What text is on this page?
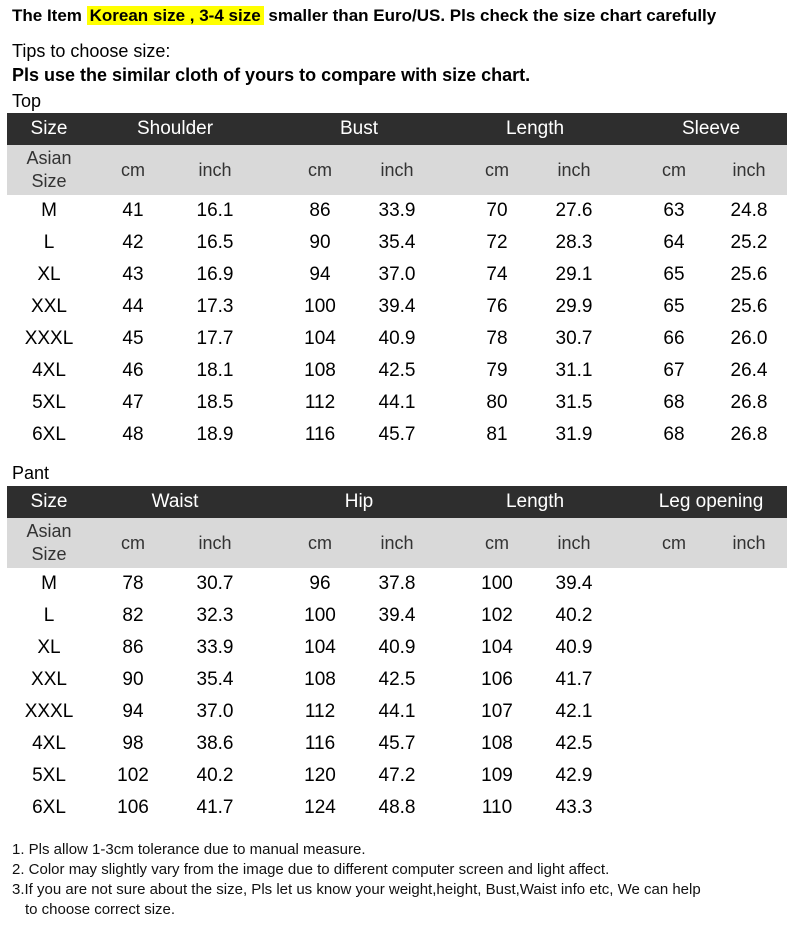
The Item Korean size , 3-4 size smaller than Euro/US. Pls check the size chart carefully
Tips to choose size:
Pls use the similar cloth of yours to compare with size chart.
Top
Size	Shoulder	Bust	Length	Sleeve
Asian
Size
cm	inch	cm	inch	cm	inch	cm	inch
M	41	16.1	86	33.9	70	27.6	63	24.8
L	42	16.5	90	35.4	72	28.3	64	25.2
XL	43	16.9	94	37.0	74	29.1	65	25.6
XXL	44	17.3	100	39.4	76	29.9	65	25.6
XXXL	45	17.7	104	40.9	78	30.7	66	26.0
4XL	46	18.1	108	42.5	79	31.1	67	26.4
5XL	47	18.5	112	44.1	80	31.5	68	26.8
6XL	48	18.9	116	45.7	81	31.9	68	26.8
Pant
Size	Waist	Hip	Length	Leg opening
Asian
Size
cm	inch	cm	inch	cm	inch	cm	inch
M	78	30.7	96	37.8	100	39.4
L	82	32.3	100	39.4	102	40.2
XL	86	33.9	104	40.9	104	40.9
XXL	90	35.4	108	42.5	106	41.7
XXXL	94	37.0	112	44.1	107	42.1
4XL	98	38.6	116	45.7	108	42.5
5XL	102	40.2	120	47.2	109	42.9
6XL	106	41.7	124	48.8	110	43.3
1. Pls allow 1-3cm tolerance due to manual measure.
2. Color may slightly vary from the image due to different computer screen and light affect.
3.If you are not sure about the size, Pls let us know your weight,height, Bust,Waist info etc, We can help
to choose correct size.
